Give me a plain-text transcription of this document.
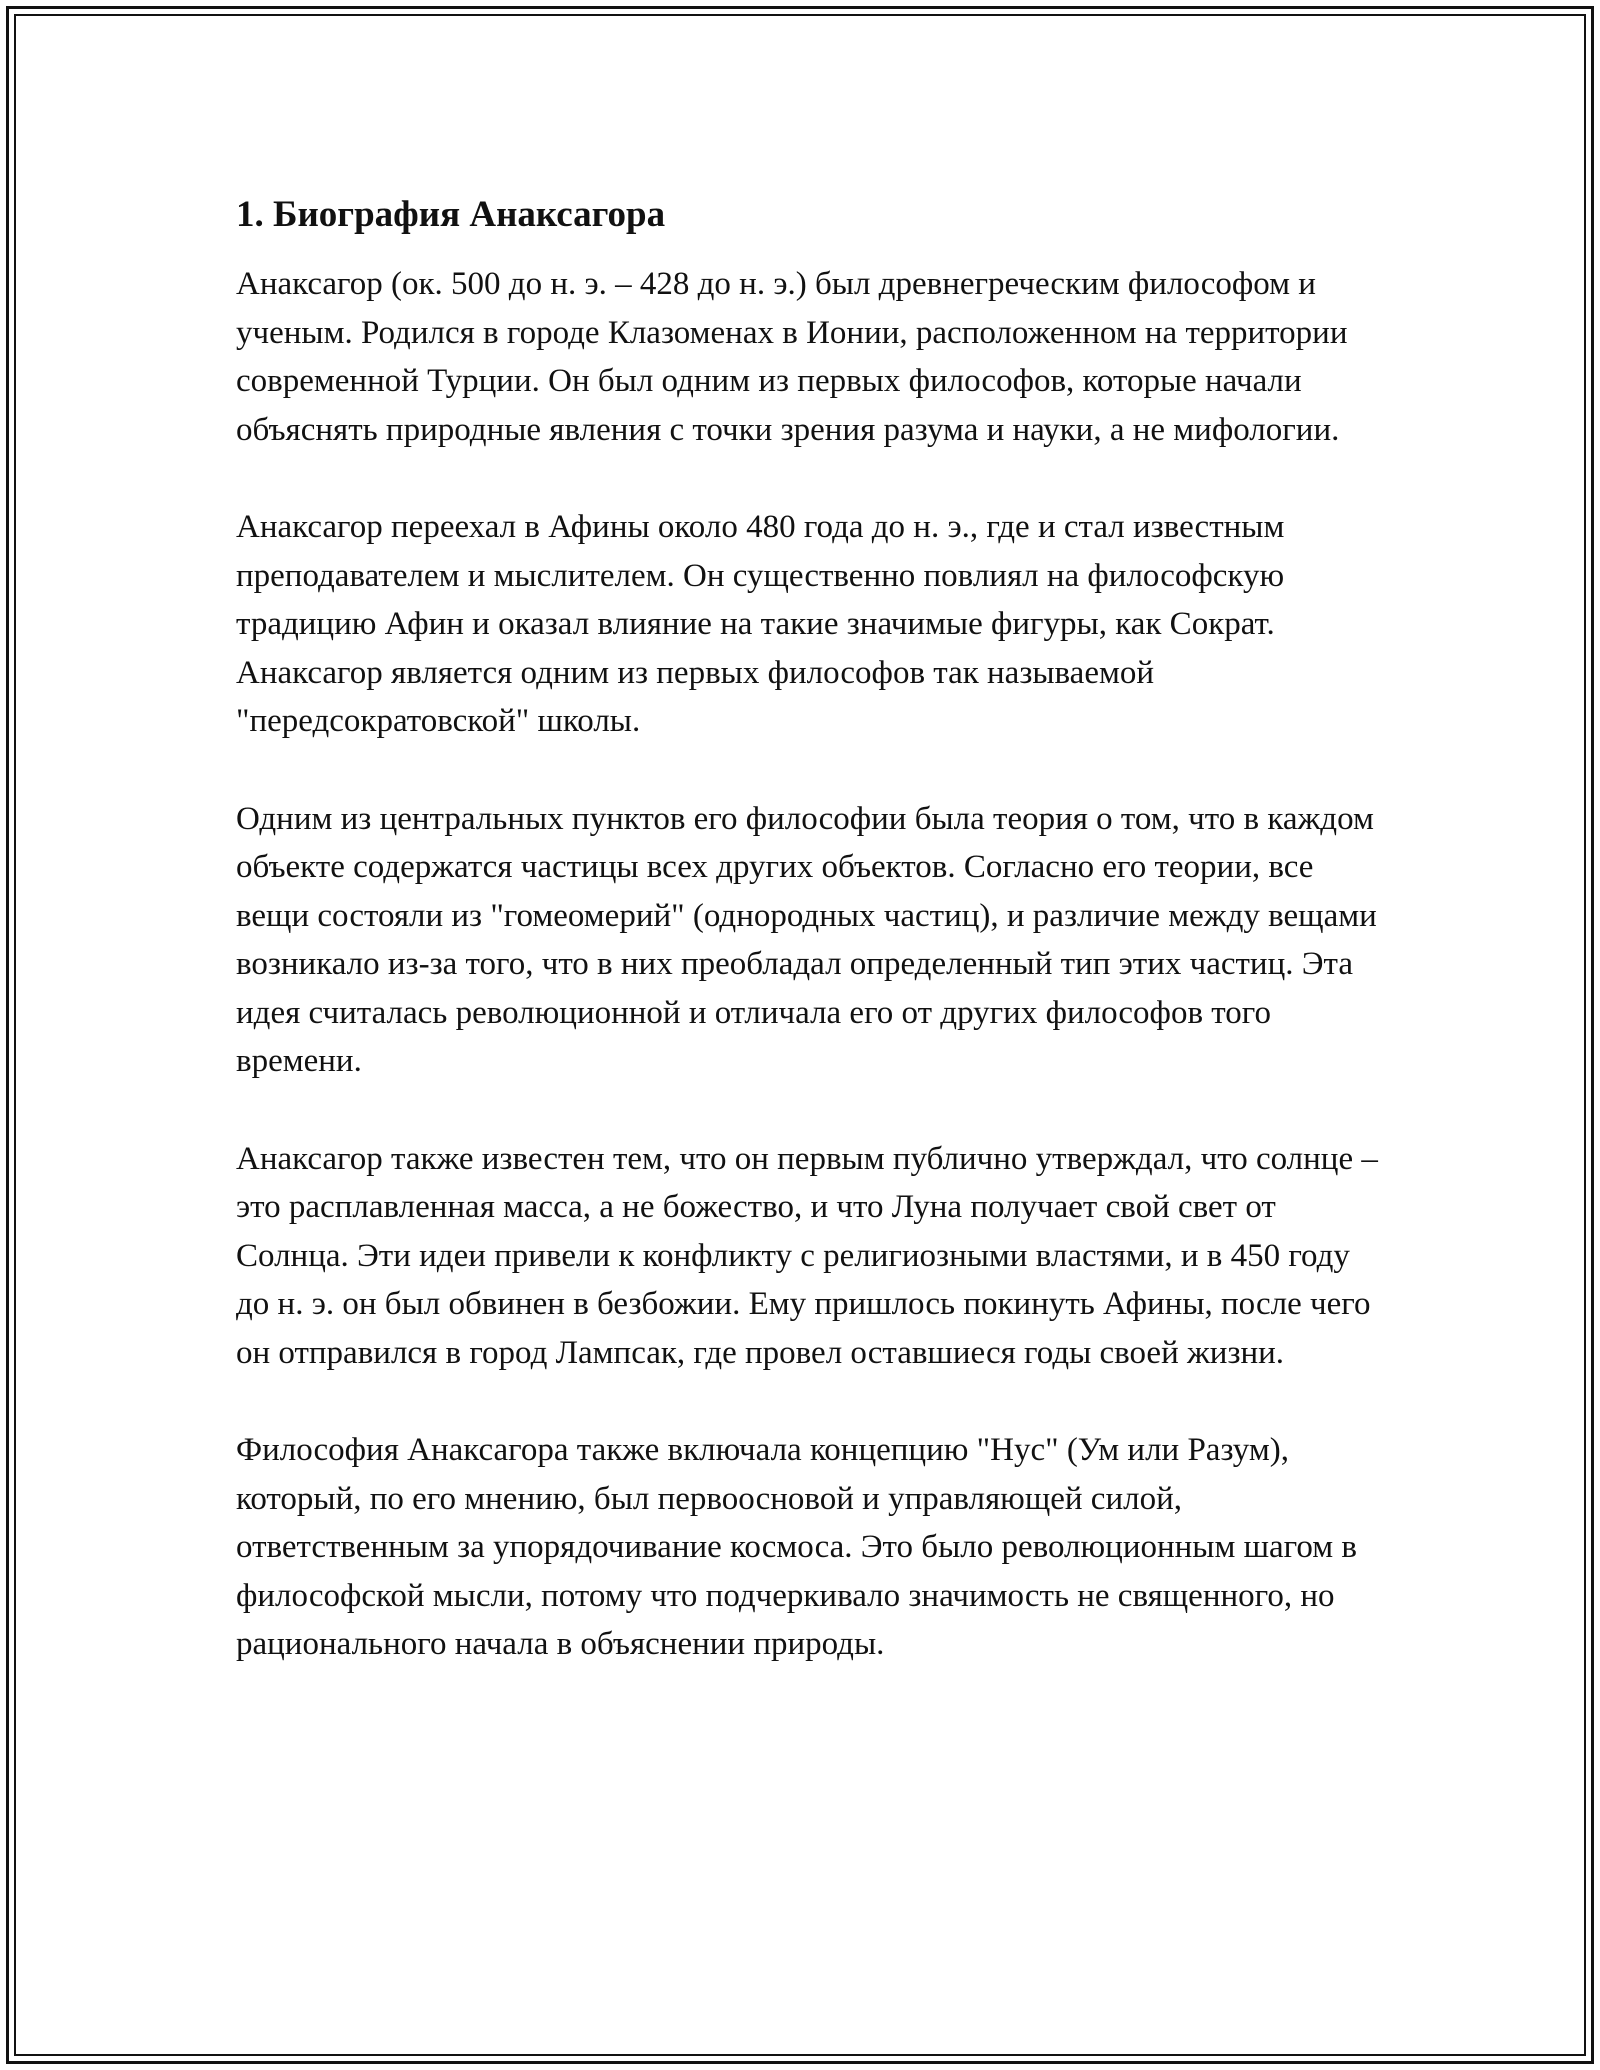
1. Биография Анаксагора

Анаксагор (ок. 500 до н. э. – 428 до н. э.) был древнегреческим философом и ученым. Родился в городе Клазоменах в Ионии, расположенном на территории современной Турции. Он был одним из первых философов, которые начали объяснять природные явления с точки зрения разума и науки, а не мифологии.

Анаксагор переехал в Афины около 480 года до н. э., где и стал известным преподавателем и мыслителем. Он существенно повлиял на философскую традицию Афин и оказал влияние на такие значимые фигуры, как Сократ. Анаксагор является одним из первых философов так называемой "передсократовской" школы.

Одним из центральных пунктов его философии была теория о том, что в каждом объекте содержатся частицы всех других объектов. Согласно его теории, все вещи состояли из "гомеомерий" (однородных частиц), и различие между вещами возникало из-за того, что в них преобладал определенный тип этих частиц. Эта идея считалась революционной и отличала его от других философов того времени.

Анаксагор также известен тем, что он первым публично утверждал, что солнце – это расплавленная масса, а не божество, и что Луна получает свой свет от Солнца. Эти идеи привели к конфликту с религиозными властями, и в 450 году до н. э. он был обвинен в безбожии. Ему пришлось покинуть Афины, после чего он отправился в город Лампсак, где провел оставшиеся годы своей жизни.

Философия Анаксагора также включала концепцию "Нус" (Ум или Разум), который, по его мнению, был первоосновой и управляющей силой, ответственным за упорядочивание космоса. Это было революционным шагом в философской мысли, потому что подчеркивало значимость не священного, но рационального начала в объяснении природы.
